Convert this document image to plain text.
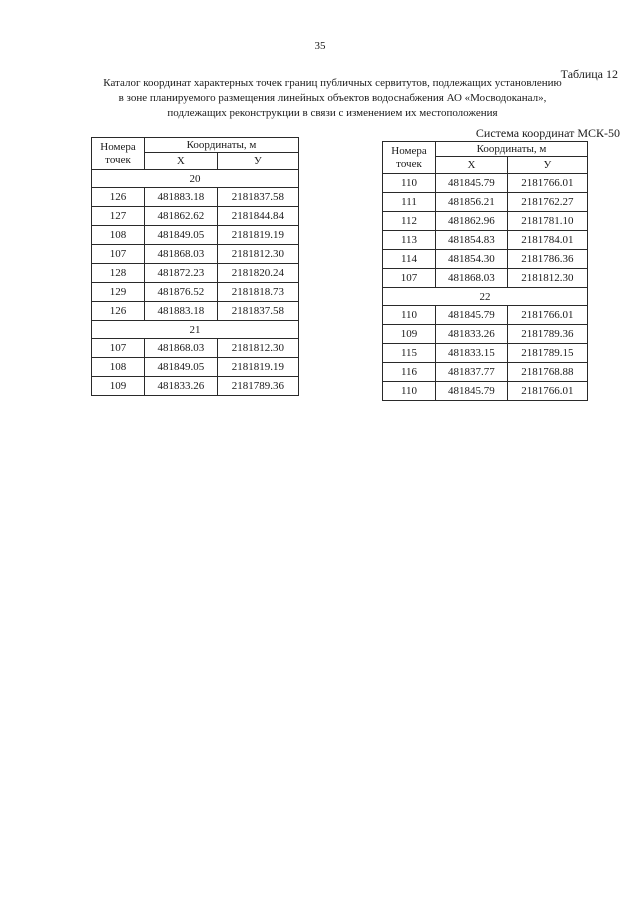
35
Таблица 12
Каталог координат характерных точек границ публичных сервитутов, подлежащих установлению
в зоне планируемого размещения линейных объектов водоснабжения АО «Мосводоканал»,
подлежащих реконструкции в связи с изменением их местоположения
Система координат МСК-50
Номера
точек	Координаты, м	
	Х	У
20		
126	481883.18	2181837.58
127	481862.62	2181844.84
108	481849.05	2181819.19
107	481868.03	2181812.30
128	481872.23	2181820.24
129	481876.52	2181818.73
126	481883.18	2181837.58
21		
107	481868.03	2181812.30
108	481849.05	2181819.19
109	481833.26	2181789.36
Номера
точек	Координаты, м	
	Х	У
110	481845.79	2181766.01
111	481856.21	2181762.27
112	481862.96	2181781.10
113	481854.83	2181784.01
114	481854.30	2181786.36
107	481868.03	2181812.30
22		
110	481845.79	2181766.01
109	481833.26	2181789.36
115	481833.15	2181789.15
116	481837.77	2181768.88
110	481845.79	2181766.01
